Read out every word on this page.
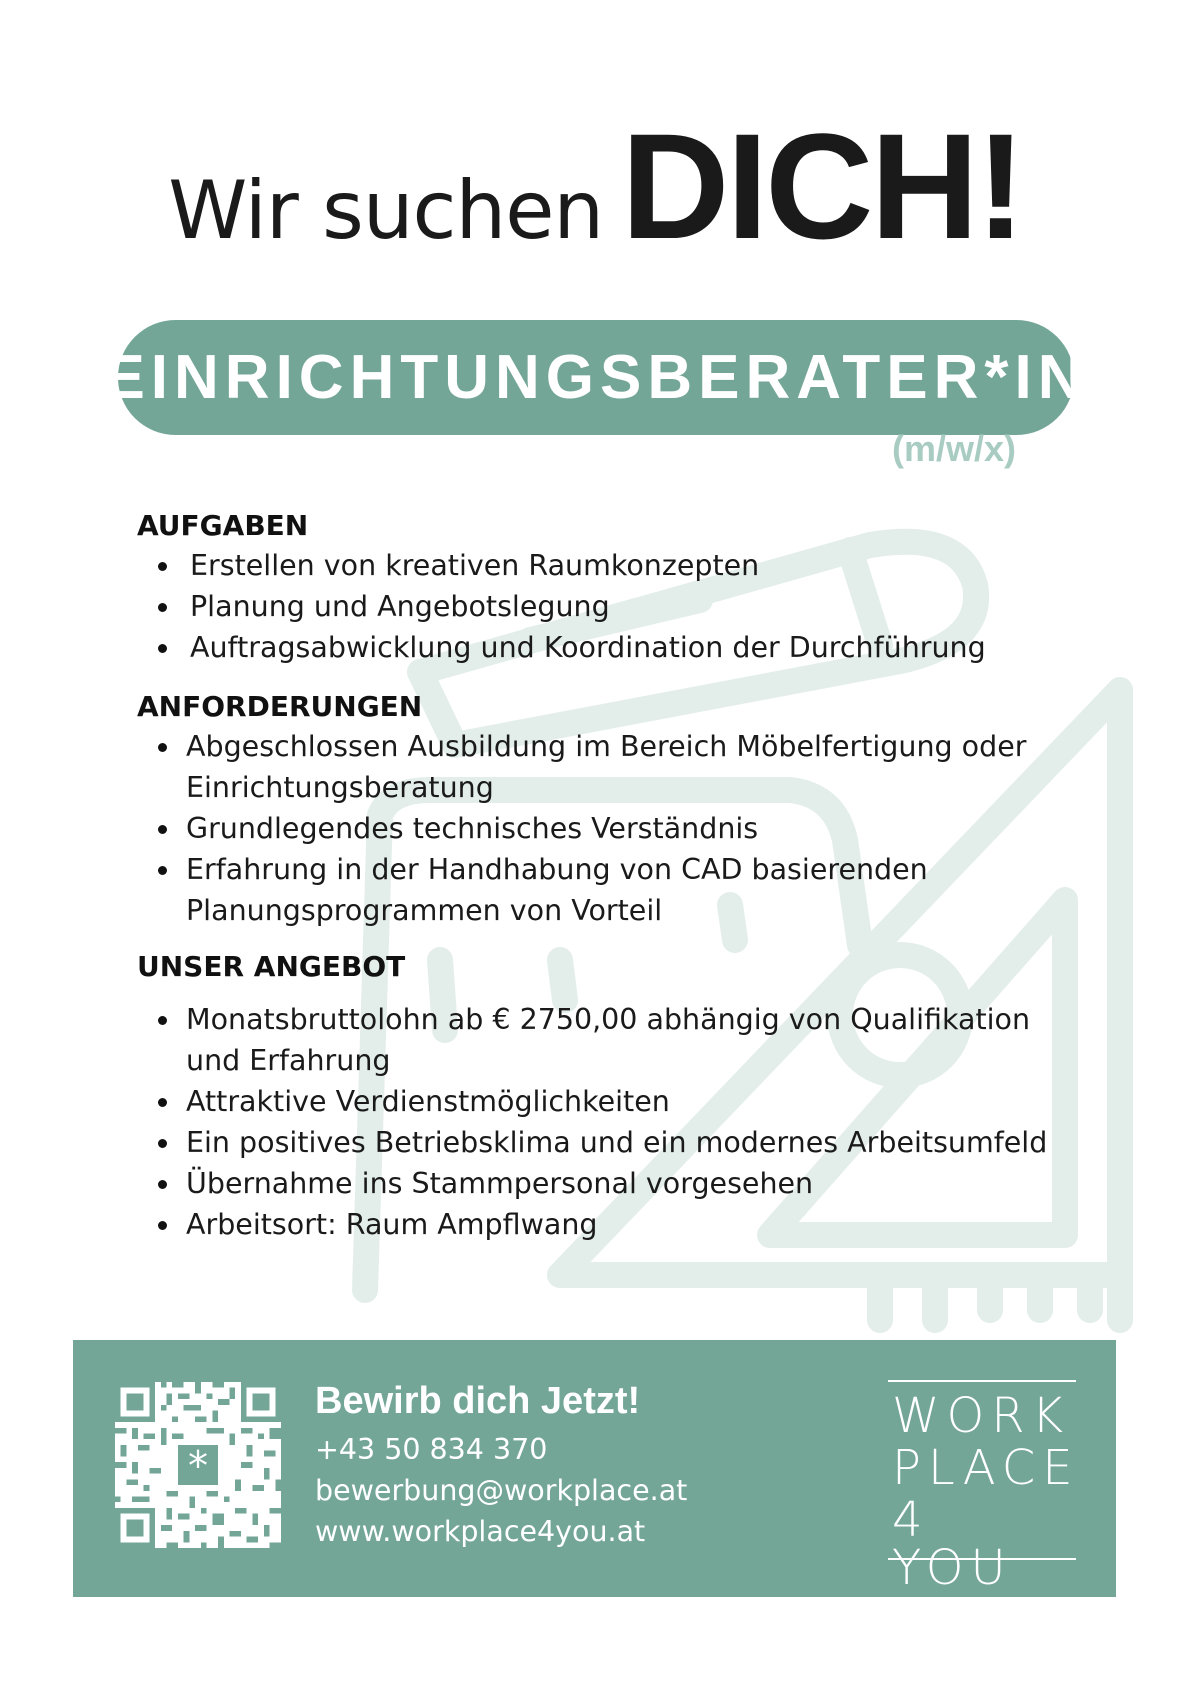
Wir suchen DICH!
EINRICHTUNGSBERATER*IN
(m/w/x)
AUFGABEN
Erstellen von kreativen Raumkonzepten
Planung und Angebotslegung
Auftragsabwicklung und Koordination der Durchführung
ANFORDERUNGEN
Abgeschlossen Ausbildung im Bereich Möbelfertigung oder Einrichtungsberatung
Grundlegendes technisches Verständnis
Erfahrung in der Handhabung von CAD basierenden Planungsprogrammen von Vorteil
UNSER ANGEBOT
Monatsbruttolohn ab € 2750,00 abhängig von Qualifikation und Erfahrung
Attraktive Verdienstmöglichkeiten
Ein positives Betriebsklima und ein modernes Arbeitsumfeld
Übernahme ins Stammpersonal vorgesehen
Arbeitsort: Raum Ampflwang
*
Bewirb dich Jetzt!
+43 50 834 370
bewerbung@workplace.at
www.workplace4you.at
WORK
PLACE
4 YOU
